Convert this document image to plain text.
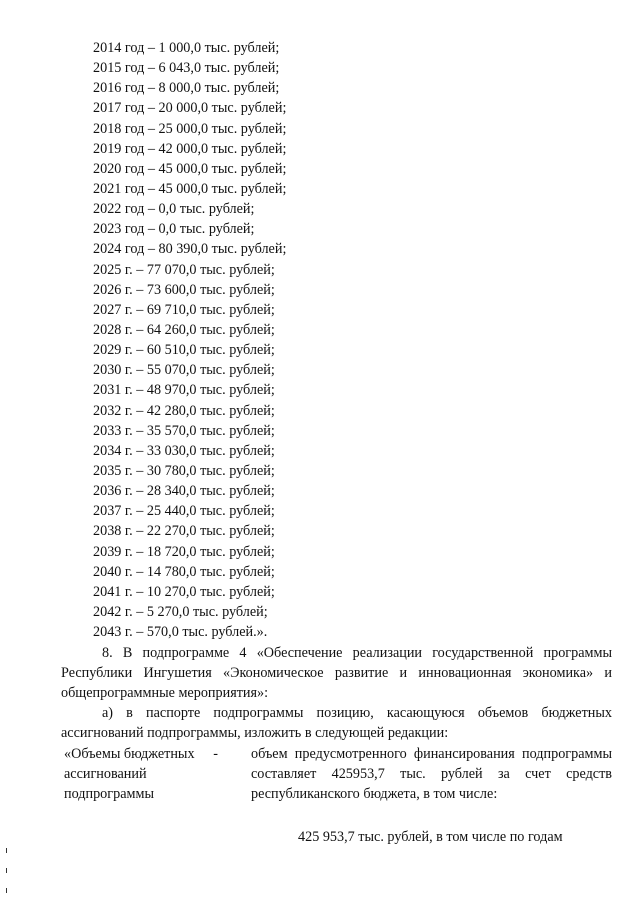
2014 год – 1 000,0 тыс. рублей;
2015 год – 6 043,0 тыс. рублей;
2016 год – 8 000,0 тыс. рублей;
2017 год – 20 000,0 тыс. рублей;
2018 год – 25 000,0 тыс. рублей;
2019 год – 42 000,0 тыс. рублей;
2020 год – 45 000,0 тыс. рублей;
2021 год – 45 000,0 тыс. рублей;
2022 год – 0,0 тыс. рублей;
2023 год – 0,0 тыс. рублей;
2024 год – 80 390,0 тыс. рублей;
2025 г. – 77 070,0 тыс. рублей;
2026 г. – 73 600,0 тыс. рублей;
2027 г. – 69 710,0 тыс. рублей;
2028 г. – 64 260,0 тыс. рублей;
2029 г. – 60 510,0 тыс. рублей;
2030 г. – 55 070,0 тыс. рублей;
2031 г. – 48 970,0 тыс. рублей;
2032 г. – 42 280,0 тыс. рублей;
2033 г. – 35 570,0 тыс. рублей;
2034 г. – 33 030,0 тыс. рублей;
2035 г. – 30 780,0 тыс. рублей;
2036 г. – 28 340,0 тыс. рублей;
2037 г. – 25 440,0 тыс. рублей;
2038 г. – 22 270,0 тыс. рублей;
2039 г. – 18 720,0 тыс. рублей;
2040 г. – 14 780,0 тыс. рублей;
2041 г. – 10 270,0 тыс. рублей;
2042 г. – 5 270,0 тыс. рублей;
2043 г. – 570,0 тыс. рублей.».

8. В подпрограмме 4 «Обеспечение реализации государственной программы Республики Ингушетия «Экономическое развитие и инновационная экономика» и общепрограммные мероприятия»:

а) в паспорте подпрограммы позицию, касающуюся объемов бюджетных ассигнований подпрограммы, изложить в следующей редакции:

«Объемы бюджетных -
ассигнований
подпрограммы
объем предусмотренного финансирования подпрограммы составляет 425953,7 тыс. рублей за счет средств республиканского бюджета, в том числе:
425 953,7 тыс. рублей, в том числе по годам
